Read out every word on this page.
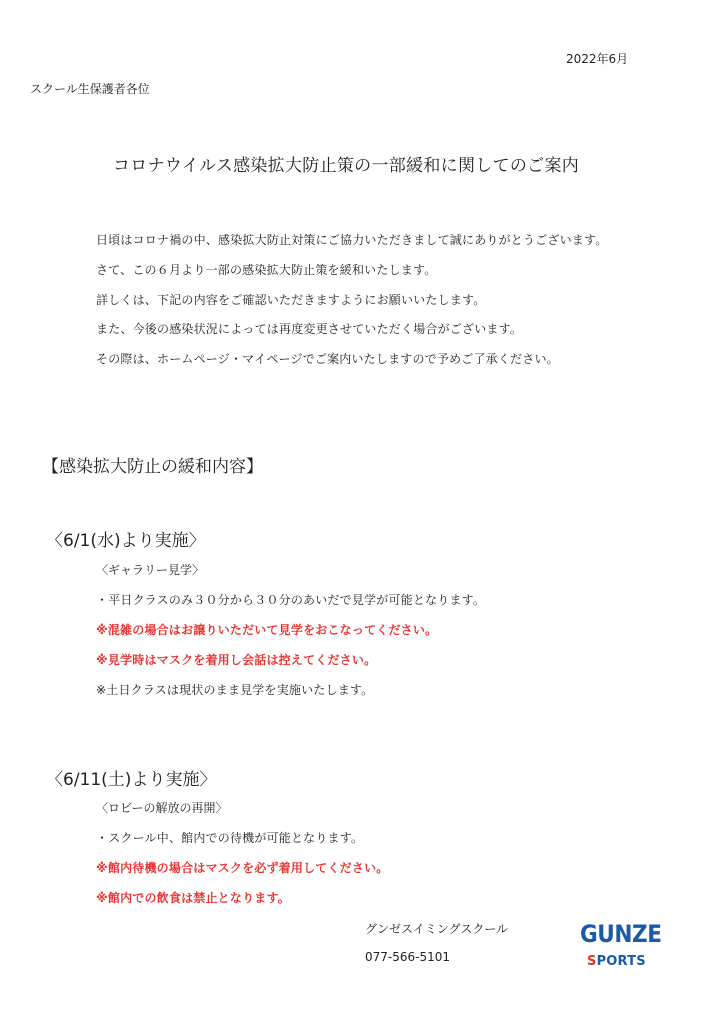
2022年6月
スクール生保護者各位
コロナウイルス感染拡大防止策の一部緩和に関してのご案内
日頃はコロナ禍の中、感染拡大防止対策にご協力いただきまして誠にありがとうございます。
さて、この６月より一部の感染拡大防止策を緩和いたします。
詳しくは、下記の内容をご確認いただきますようにお願いいたします。
また、今後の感染状況によっては再度変更させていただく場合がございます。
その際は、ホームページ・マイページでご案内いたしますので予めご了承ください。
【感染拡大防止の緩和内容】
〈6/1(水)より実施〉
〈ギャラリー見学〉
・平日クラスのみ３０分から３０分のあいだで見学が可能となります。
※混雑の場合はお譲りいただいて見学をおこなってください。
※見学時はマスクを着用し会話は控えてください。
※土日クラスは現状のまま見学を実施いたします。
〈6/11(土)より実施〉
〈ロビーの解放の再開〉
・スクール中、館内での待機が可能となります。
※館内待機の場合はマスクを必ず着用してください。
※館内での飲食は禁止となります。
グンゼスイミングスクール
077-566-5101
GUNZE
SPORTS
